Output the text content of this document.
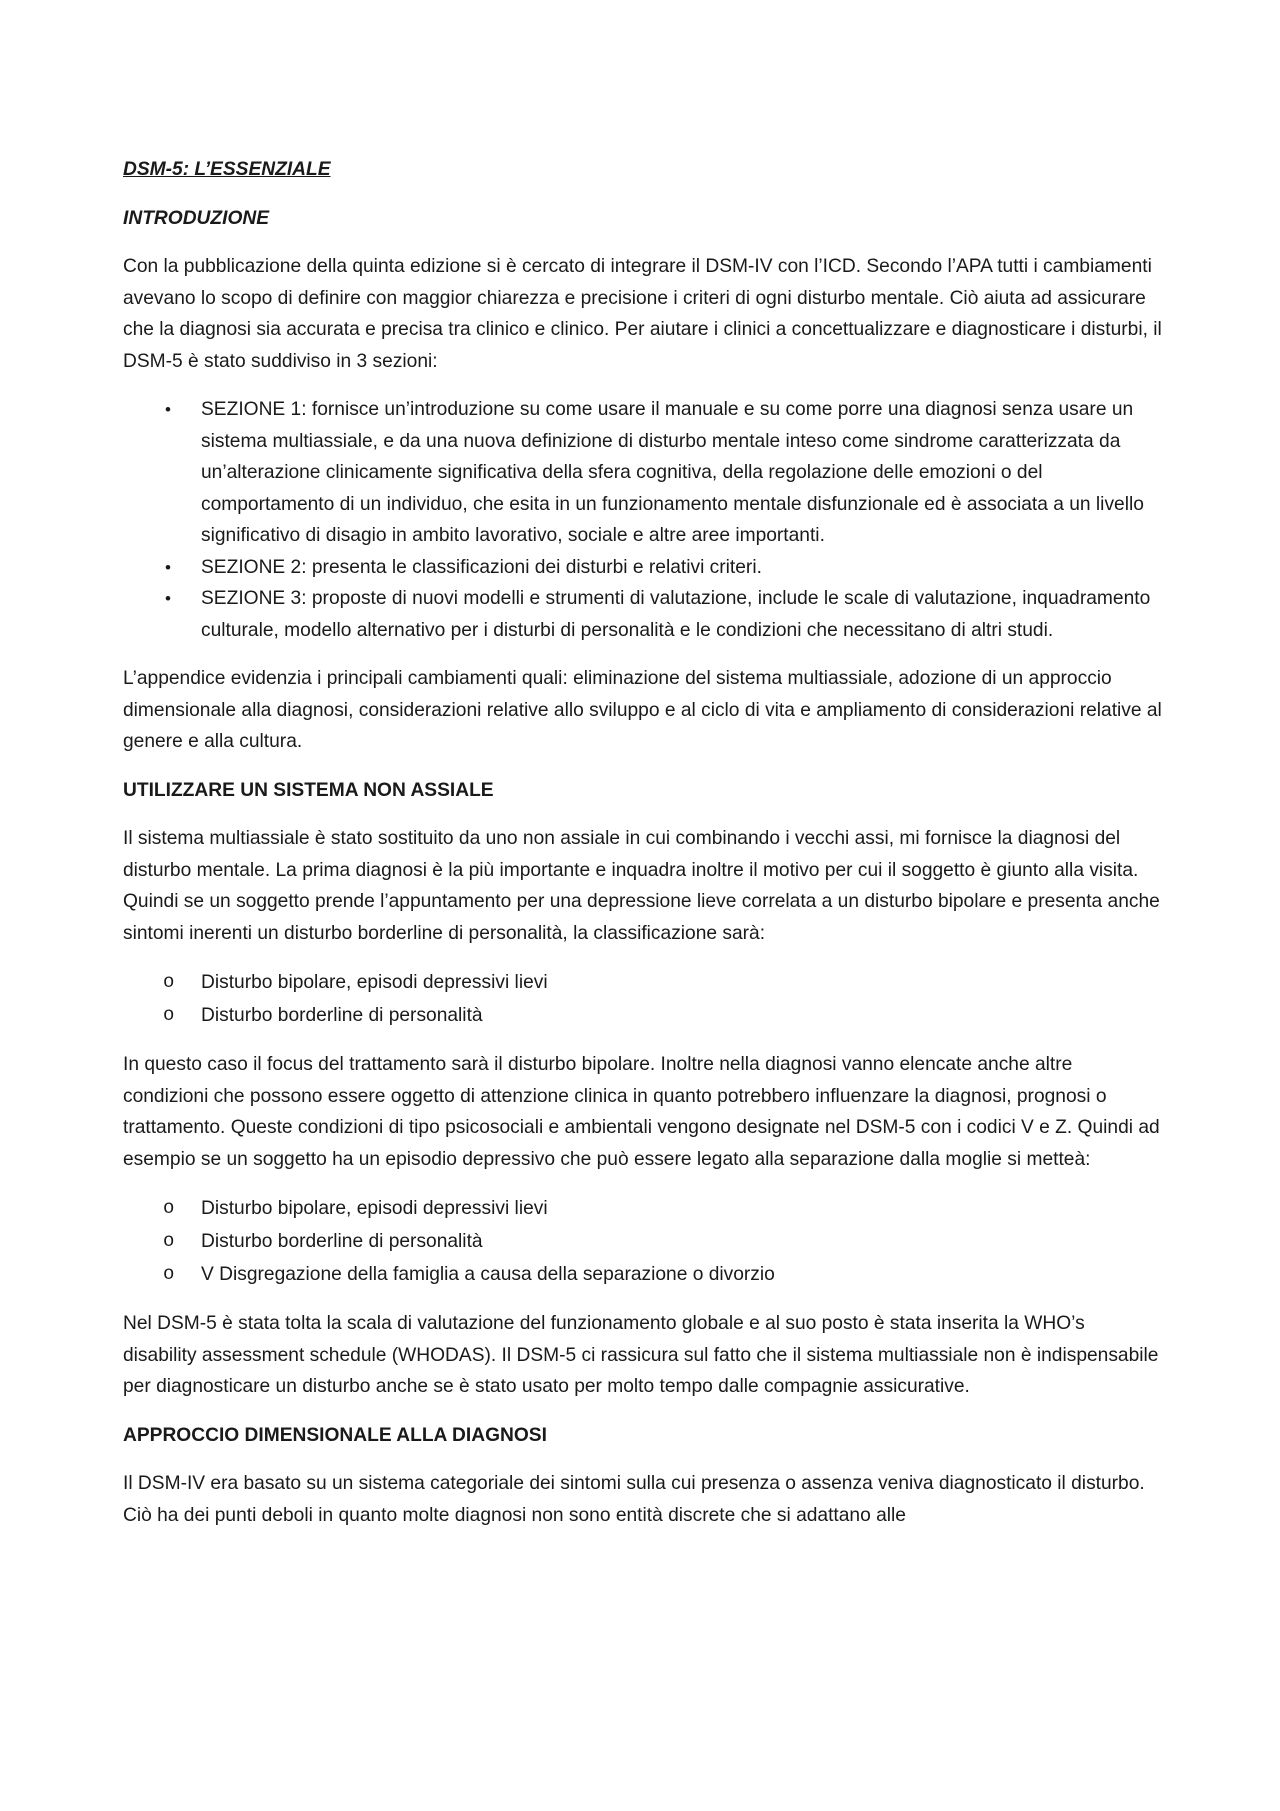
DSM-5: L’ESSENZIALE
INTRODUZIONE

Con la pubblicazione della quinta edizione si è cercato di integrare il DSM-IV con l’ICD. Secondo l’APA tutti i cambiamenti avevano lo scopo di definire con maggior chiarezza e precisione i criteri di ogni disturbo mentale. Ciò aiuta ad assicurare che la diagnosi sia accurata e precisa tra clinico e clinico. Per aiutare i clinici a concettualizzare e diagnosticare i disturbi, il DSM-5 è stato suddiviso in 3 sezioni:

• SEZIONE 1: fornisce un’introduzione su come usare il manuale e su come porre una diagnosi senza usare un sistema multiassiale, e da una nuova definizione di disturbo mentale inteso come sindrome caratterizzata da un’alterazione clinicamente significativa della sfera cognitiva, della regolazione delle emozioni o del comportamento di un individuo, che esita in un funzionamento mentale disfunzionale ed è associata a un livello significativo di disagio in ambito lavorativo, sociale e altre aree importanti.
• SEZIONE 2: presenta le classificazioni dei disturbi e relativi criteri.
• SEZIONE 3: proposte di nuovi modelli e strumenti di valutazione, include le scale di valutazione, inquadramento culturale, modello alternativo per i disturbi di personalità e le condizioni che necessitano di altri studi.

L’appendice evidenzia i principali cambiamenti quali: eliminazione del sistema multiassiale, adozione di un approccio dimensionale alla diagnosi, considerazioni relative allo sviluppo e al ciclo di vita e ampliamento di considerazioni relative al genere e alla cultura.

UTILIZZARE UN SISTEMA NON ASSIALE

Il sistema multiassiale è stato sostituito da uno non assiale in cui combinando i vecchi assi, mi fornisce la diagnosi del disturbo mentale. La prima diagnosi è la più importante e inquadra inoltre il motivo per cui il soggetto è giunto alla visita. Quindi se un soggetto prende l’appuntamento per una depressione lieve correlata a un disturbo bipolare e presenta anche sintomi inerenti un disturbo borderline di personalità, la classificazione sarà:

o Disturbo bipolare, episodi depressivi lievi
o Disturbo borderline di personalità

In questo caso il focus del trattamento sarà il disturbo bipolare. Inoltre nella diagnosi vanno elencate anche altre condizioni che possono essere oggetto di attenzione clinica in quanto potrebbero influenzare la diagnosi, prognosi o trattamento. Queste condizioni di tipo psicosociali e ambientali vengono designate nel DSM-5 con i codici V e Z. Quindi ad esempio se un soggetto ha un episodio depressivo che può essere legato alla separazione dalla moglie si metteà:

o Disturbo bipolare, episodi depressivi lievi
o Disturbo borderline di personalità
o V Disgregazione della famiglia a causa della separazione o divorzio

Nel DSM-5 è stata tolta la scala di valutazione del funzionamento globale e al suo posto è stata inserita la WHO’s disability assessment schedule (WHODAS). Il DSM-5 ci rassicura sul fatto che il sistema multiassiale non è indispensabile per diagnosticare un disturbo anche se è stato usato per molto tempo dalle compagnie assicurative.

APPROCCIO DIMENSIONALE ALLA DIAGNOSI

Il DSM-IV era basato su un sistema categoriale dei sintomi sulla cui presenza o assenza veniva diagnosticato il disturbo. Ciò ha dei punti deboli in quanto molte diagnosi non sono entità discrete che si adattano alle
